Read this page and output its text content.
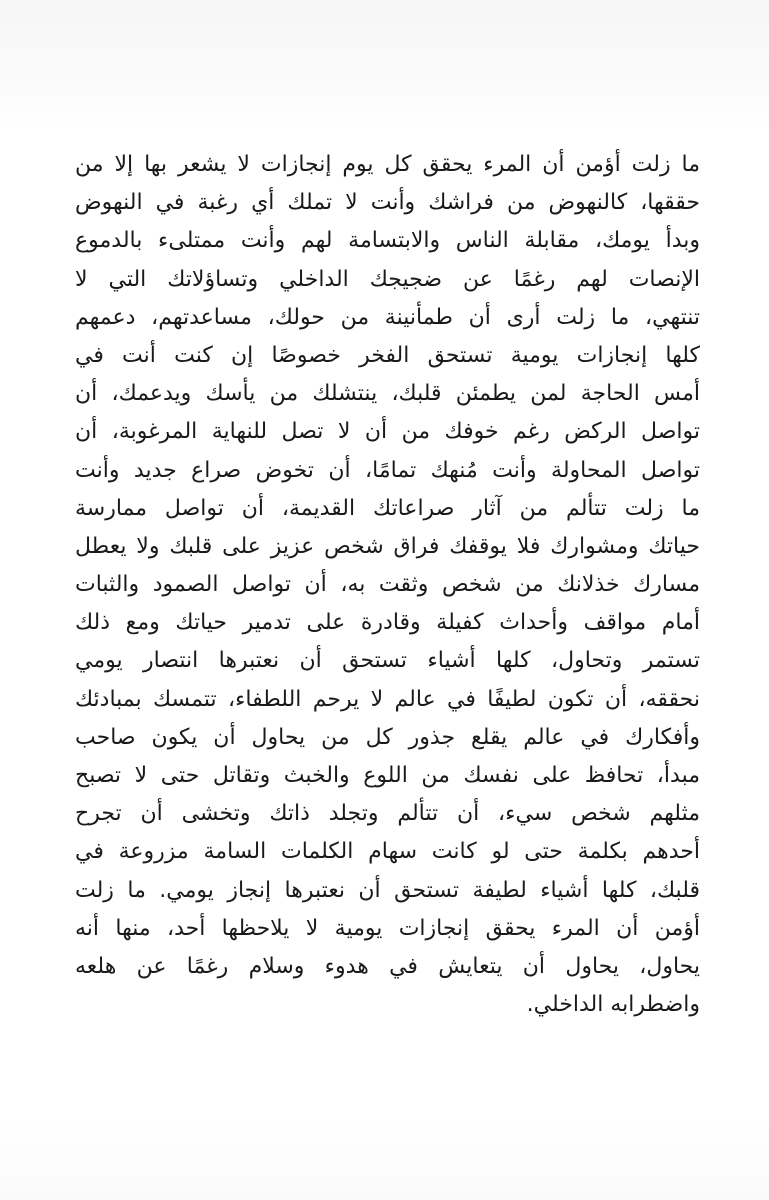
ما زلت أؤمن أن المرء يحقق كل يوم إنجازات لا يشعر بها إلا من
حققها، كالنهوض من فراشك وأنت لا تملك أي رغبة في النهوض
وبدأ يومك، مقابلة الناس والابتسامة لهم وأنت ممتلىء بالدموع
الإنصات لهم رغمًا عن ضجيجك الداخلي وتساؤلاتك التي لا
تنتهي، ما زلت أرى أن طمأنينة من حولك، مساعدتهم، دعمهم
كلها إنجازات يومية تستحق الفخر خصوصًا إن كنت أنت في
أمس الحاجة لمن يطمئن قلبك، ينتشلك من يأسك ويدعمك، أن
تواصل الركض رغم خوفك من أن لا تصل للنهاية المرغوبة، أن
تواصل المحاولة وأنت مُنهك تمامًا، أن تخوض صراع جديد وأنت
ما زلت تتألم من آثار صراعاتك القديمة، أن تواصل ممارسة
حياتك ومشوارك فلا يوقفك فراق شخص عزيز على قلبك ولا يعطل
مسارك خذلانك من شخص وثقت به، أن تواصل الصمود والثبات
أمام مواقف وأحداث كفيلة وقادرة على تدمير حياتك ومع ذلك
تستمر وتحاول، كلها أشياء تستحق أن نعتبرها انتصار يومي
نحققه، أن تكون لطيفًا في عالم لا يرحم اللطفاء، تتمسك بمبادئك
وأفكارك في عالم يقلع جذور كل من يحاول أن يكون صاحب
مبدأ، تحافظ على نفسك من اللوع والخبث وتقاتل حتى لا تصبح
مثلهم شخص سيء، أن تتألم وتجلد ذاتك وتخشى أن تجرح
أحدهم بكلمة حتى لو كانت سهام الكلمات السامة مزروعة في
قلبك، كلها أشياء لطيفة تستحق أن نعتبرها إنجاز يومي. ما زلت
أؤمن أن المرء يحقق إنجازات يومية لا يلاحظها أحد، منها أنه
يحاول، يحاول أن يتعايش في هدوء وسلام رغمًا عن هلعه
واضطرابه الداخلي.
